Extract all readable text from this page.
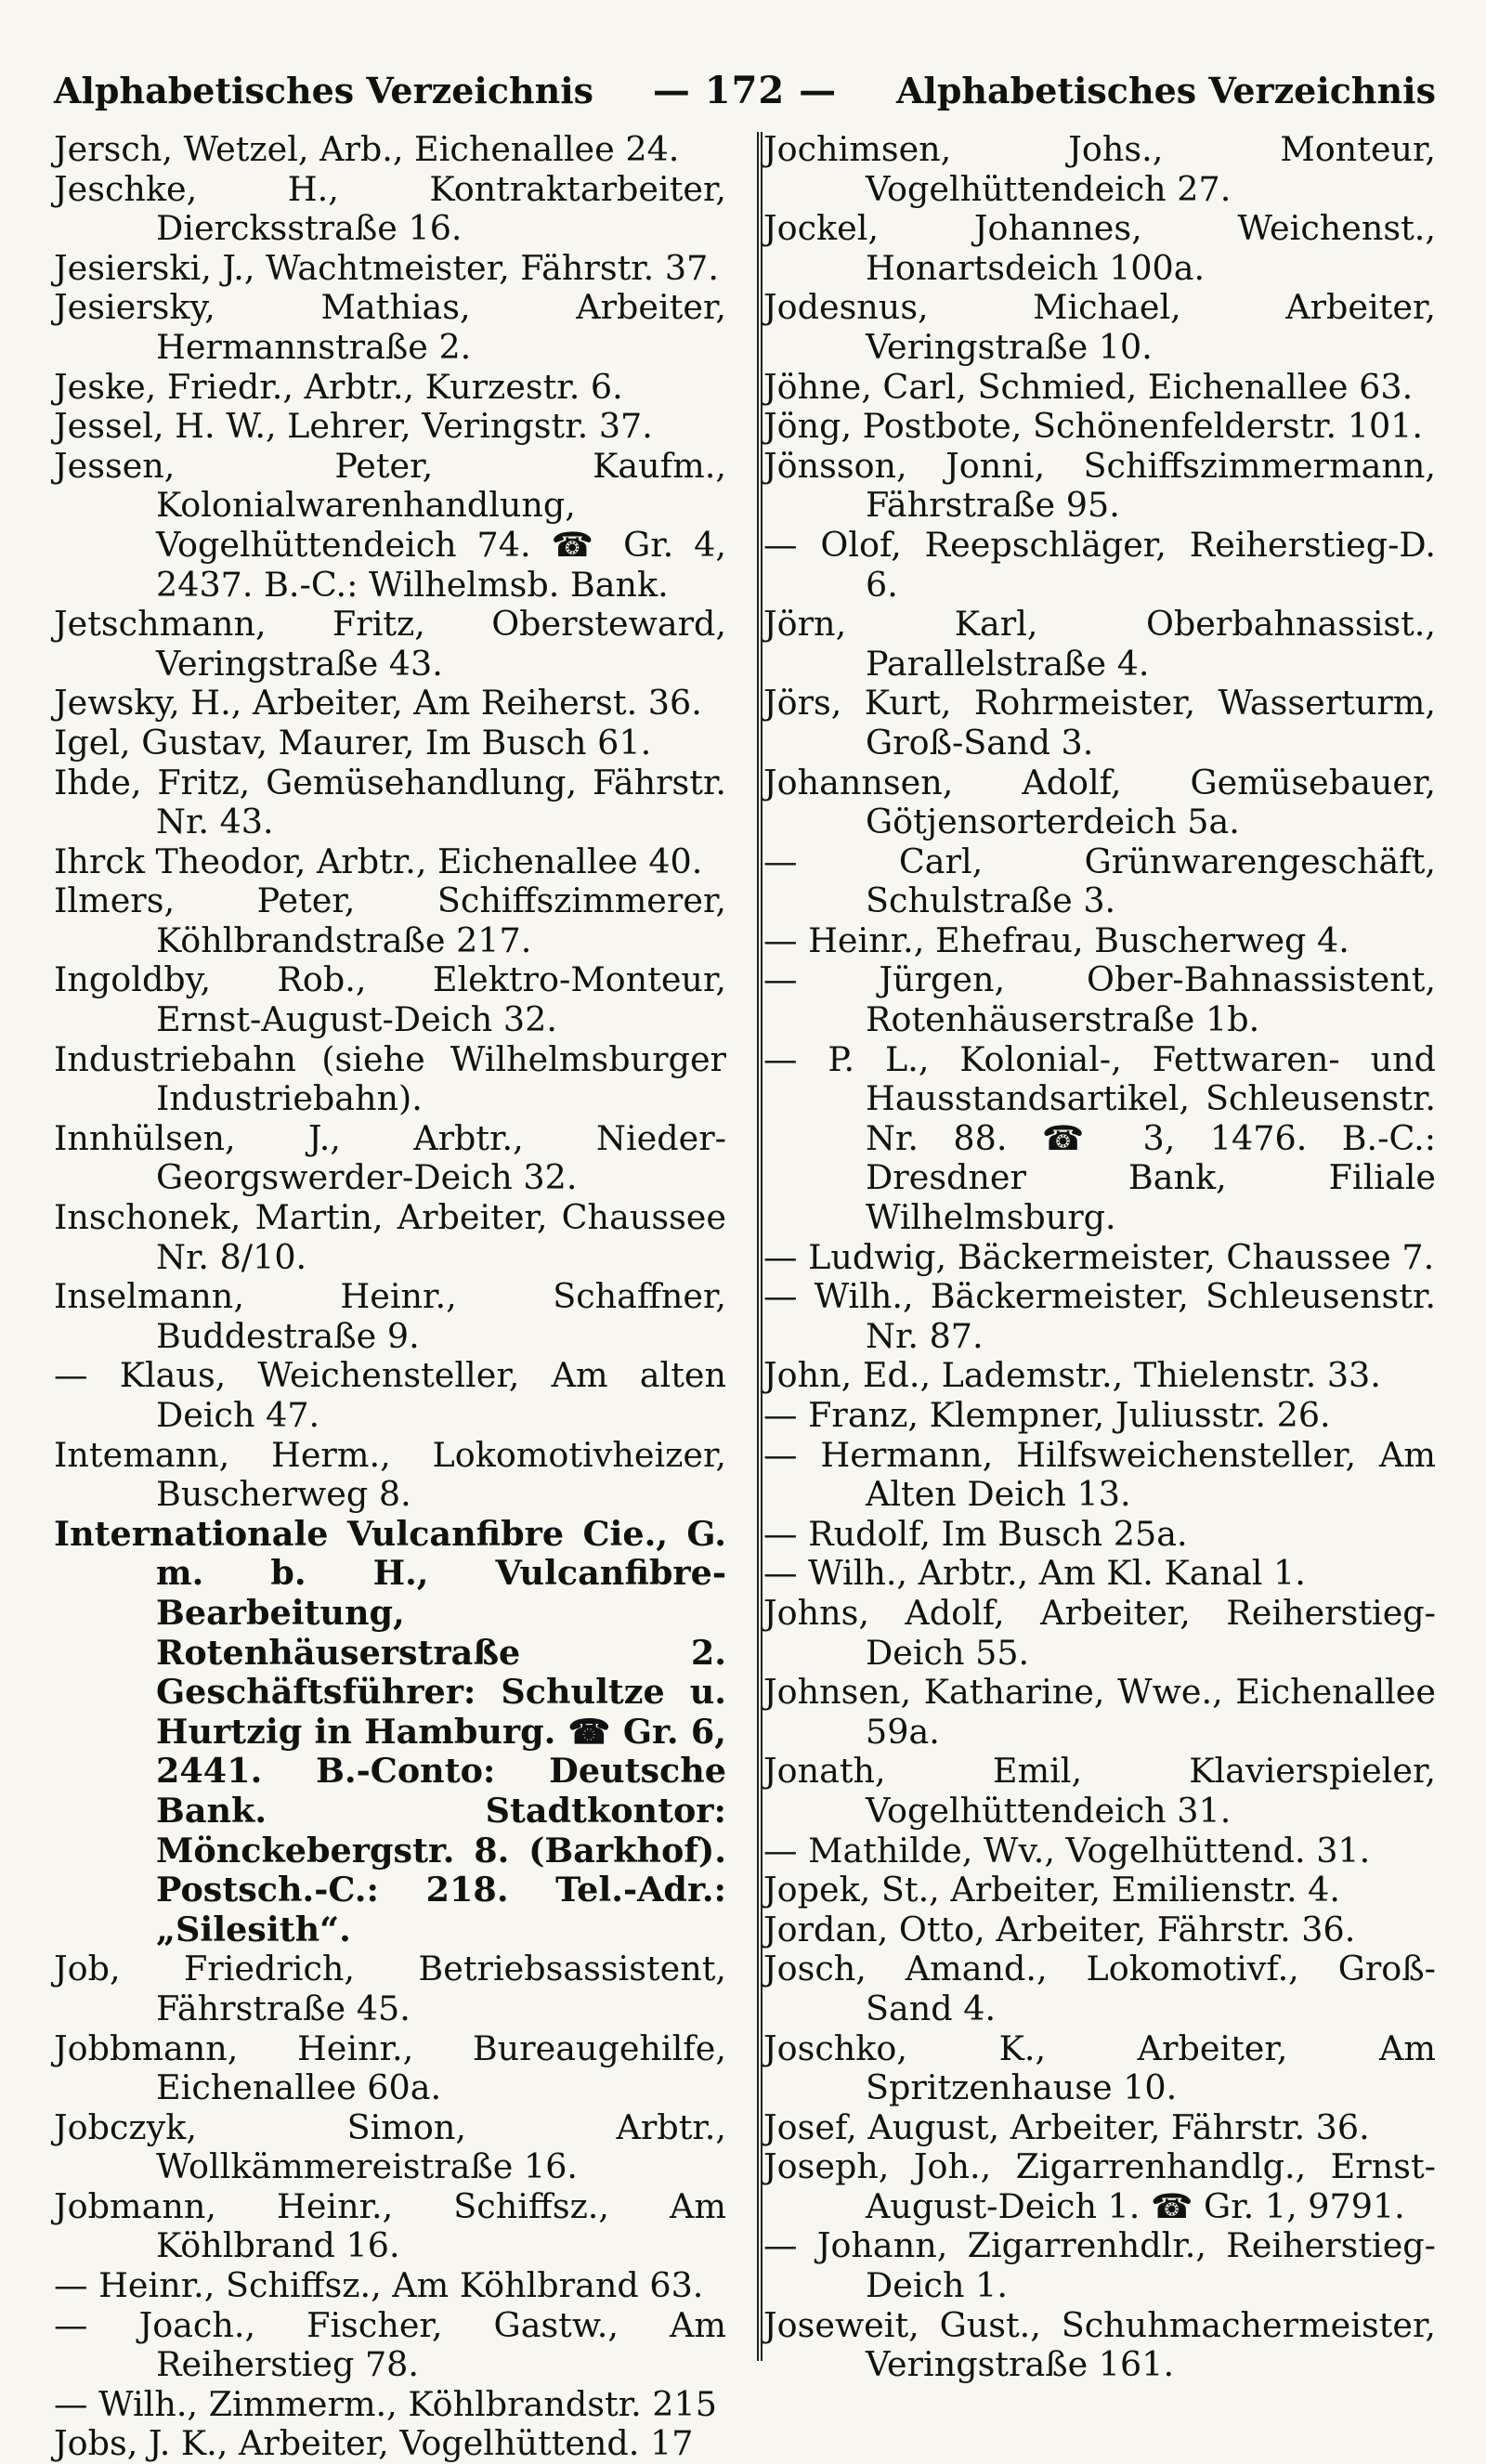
Alphabetisches Verzeichnis — 172 — Alphabetisches Verzeichnis
Jersch, Wetzel, Arb., Eichenallee 24.
Jeschke, H., Kontraktarbeiter, Diercksstraße 16.
Jesierski, J., Wachtmeister, Fährstr. 37.
Jesiersky, Mathias, Arbeiter, Hermannstraße 2.
Jeske, Friedr., Arbtr., Kurzestr. 6.
Jessel, H. W., Lehrer, Veringstr. 37.
Jessen, Peter, Kaufm., Kolonialwarenhandlung, Vogelhüttendeich 74. ☎ Gr. 4, 2437. B.-C.: Wilhelmsb. Bank.
Jetschmann, Fritz, Obersteward, Veringstraße 43.
Jewsky, H., Arbeiter, Am Reiherst. 36.
Igel, Gustav, Maurer, Im Busch 61.
Ihde, Fritz, Gemüsehandlung, Fährstr. Nr. 43.
Ihrck Theodor, Arbtr., Eichenallee 40.
Ilmers, Peter, Schiffszimmerer, Köhlbrandstraße 217.
Ingoldby, Rob., Elektro-Monteur, Ernst-August-Deich 32.
Industriebahn (siehe Wilhelmsburger Industriebahn).
Innhülsen, J., Arbtr., Nieder-Georgswerder-Deich 32.
Inschonek, Martin, Arbeiter, Chaussee Nr. 8/10.
Inselmann, Heinr., Schaffner, Buddestraße 9.
— Klaus, Weichensteller, Am alten Deich 47.
Intemann, Herm., Lokomotivheizer, Buscherweg 8.
Internationale Vulcanfibre Cie., G. m. b. H., Vulcanfibre-Bearbeitung, Rotenhäuserstraße 2. Geschäftsführer: Schultze u. Hurtzig in Hamburg. ☎ Gr. 6, 2441. B.-Conto: Deutsche Bank. Stadtkontor: Mönckebergstr. 8. (Barkhof). Postsch.-C.: 218. Tel.-Adr.: „Silesith“.
Job, Friedrich, Betriebsassistent, Fährstraße 45.
Jobbmann, Heinr., Bureaugehilfe, Eichenallee 60a.
Jobczyk, Simon, Arbtr., Wollkämmereistraße 16.
Jobmann, Heinr., Schiffsz., Am Köhlbrand 16.
— Heinr., Schiffsz., Am Köhlbrand 63.
— Joach., Fischer, Gastw., Am Reiherstieg 78.
— Wilh., Zimmerm., Köhlbrandstr. 215
Jobs, J. K., Arbeiter, Vogelhüttend. 17
Jochimsen, Johs., Monteur, Vogelhüttendeich 27.
Jockel, Johannes, Weichenst., Honartsdeich 100a.
Jodesnus, Michael, Arbeiter, Veringstraße 10.
Jöhne, Carl, Schmied, Eichenallee 63.
Jöng, Postbote, Schönenfelderstr. 101.
Jönsson, Jonni, Schiffszimmermann, Fährstraße 95.
— Olof, Reepschläger, Reiherstieg-D. 6.
Jörn, Karl, Oberbahnassist., Parallelstraße 4.
Jörs, Kurt, Rohrmeister, Wasserturm, Groß-Sand 3.
Johannsen, Adolf, Gemüsebauer, Götjensorterdeich 5a.
— Carl, Grünwarengeschäft, Schulstraße 3.
— Heinr., Ehefrau, Buscherweg 4.
— Jürgen, Ober-Bahnassistent, Rotenhäuserstraße 1b.
— P. L., Kolonial-, Fettwaren- und Hausstandsartikel, Schleusenstr. Nr. 88. ☎ 3, 1476. B.-C.: Dresdner Bank, Filiale Wilhelmsburg.
— Ludwig, Bäckermeister, Chaussee 7.
— Wilh., Bäckermeister, Schleusenstr. Nr. 87.
John, Ed., Lademstr., Thielenstr. 33.
— Franz, Klempner, Juliusstr. 26.
— Hermann, Hilfsweichensteller, Am Alten Deich 13.
— Rudolf, Im Busch 25a.
— Wilh., Arbtr., Am Kl. Kanal 1.
Johns, Adolf, Arbeiter, Reiherstieg-Deich 55.
Johnsen, Katharine, Wwe., Eichenallee 59a.
Jonath, Emil, Klavierspieler, Vogelhüttendeich 31.
— Mathilde, Wv., Vogelhüttend. 31.
Jopek, St., Arbeiter, Emilienstr. 4.
Jordan, Otto, Arbeiter, Fährstr. 36.
Josch, Amand., Lokomotivf., Groß-Sand 4.
Joschko, K., Arbeiter, Am Spritzenhause 10.
Josef, August, Arbeiter, Fährstr. 36.
Joseph, Joh., Zigarrenhandlg., Ernst-August-Deich 1. ☎ Gr. 1, 9791.
— Johann, Zigarrenhdlr., Reiherstieg-Deich 1.
Joseweit, Gust., Schuhmachermeister, Veringstraße 161.
